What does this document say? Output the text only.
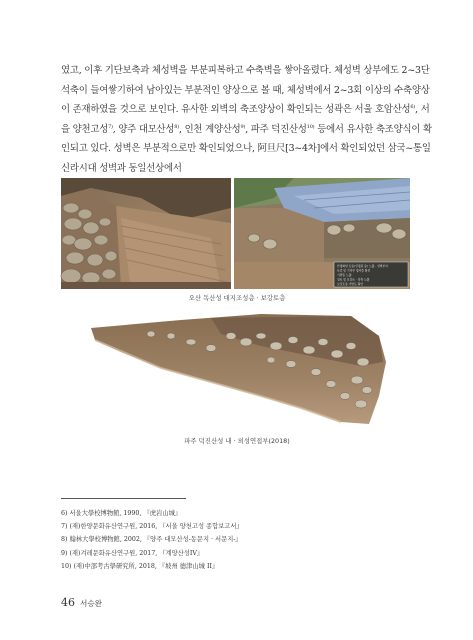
였고, 이후 기단보축과 체성벽을 부분피복하고 수축벽을 쌓아올렸다. 체성벽 상부에도 2~3단

석축이 들여쌓기하여 남아있는 부분적인 양상으로 볼 때, 체성벽에서 2~3회 이상의 수축양상

이 존재하였을 것으로 보인다. 유사한 외벽의 축조양상이 확인되는 성곽은 서울 호암산성$^{6)}$, 서

을 양천고성$^{7)}$, 양주 대모산성$^{8)}$, 인천 계양산성$^{9)}$, 파주 덕진산성$^{10)}$ 등에서 유사한 축조양식이 확

인되고 있다. 성벽은 부분적으로만 확인되었으나, 阿旦尺[3~4차]에서 확인되었던 삼국~통일

신라시대 성벽과 동일선상에서

안정화한 토층(안정된 층) 노출 · 성벽부지
토층 및 기저부 정지층 확인
기반층 노출
성토 및 보강토 · 석축 노출
보강토층 기반토 확인
오산 독산성 대지조성층 · 보강토층
파주 덕진산성 내 · 외성연접부(2018)
6) 서울大學校博物館, 1990, 『虎岩山城』
7) (재)한양문화유산연구원, 2016, 『서울 양천고성 종합보고서』
8) 翰林大學校博物館, 2002, 『양주 대모산성-동문지 · 서문지-』
9) (재)겨레문화유산연구원, 2017, 『계양산성IV』
10) (재)中部考古學研究所, 2018, 『坡州 德津山城 II』
46 서승완
